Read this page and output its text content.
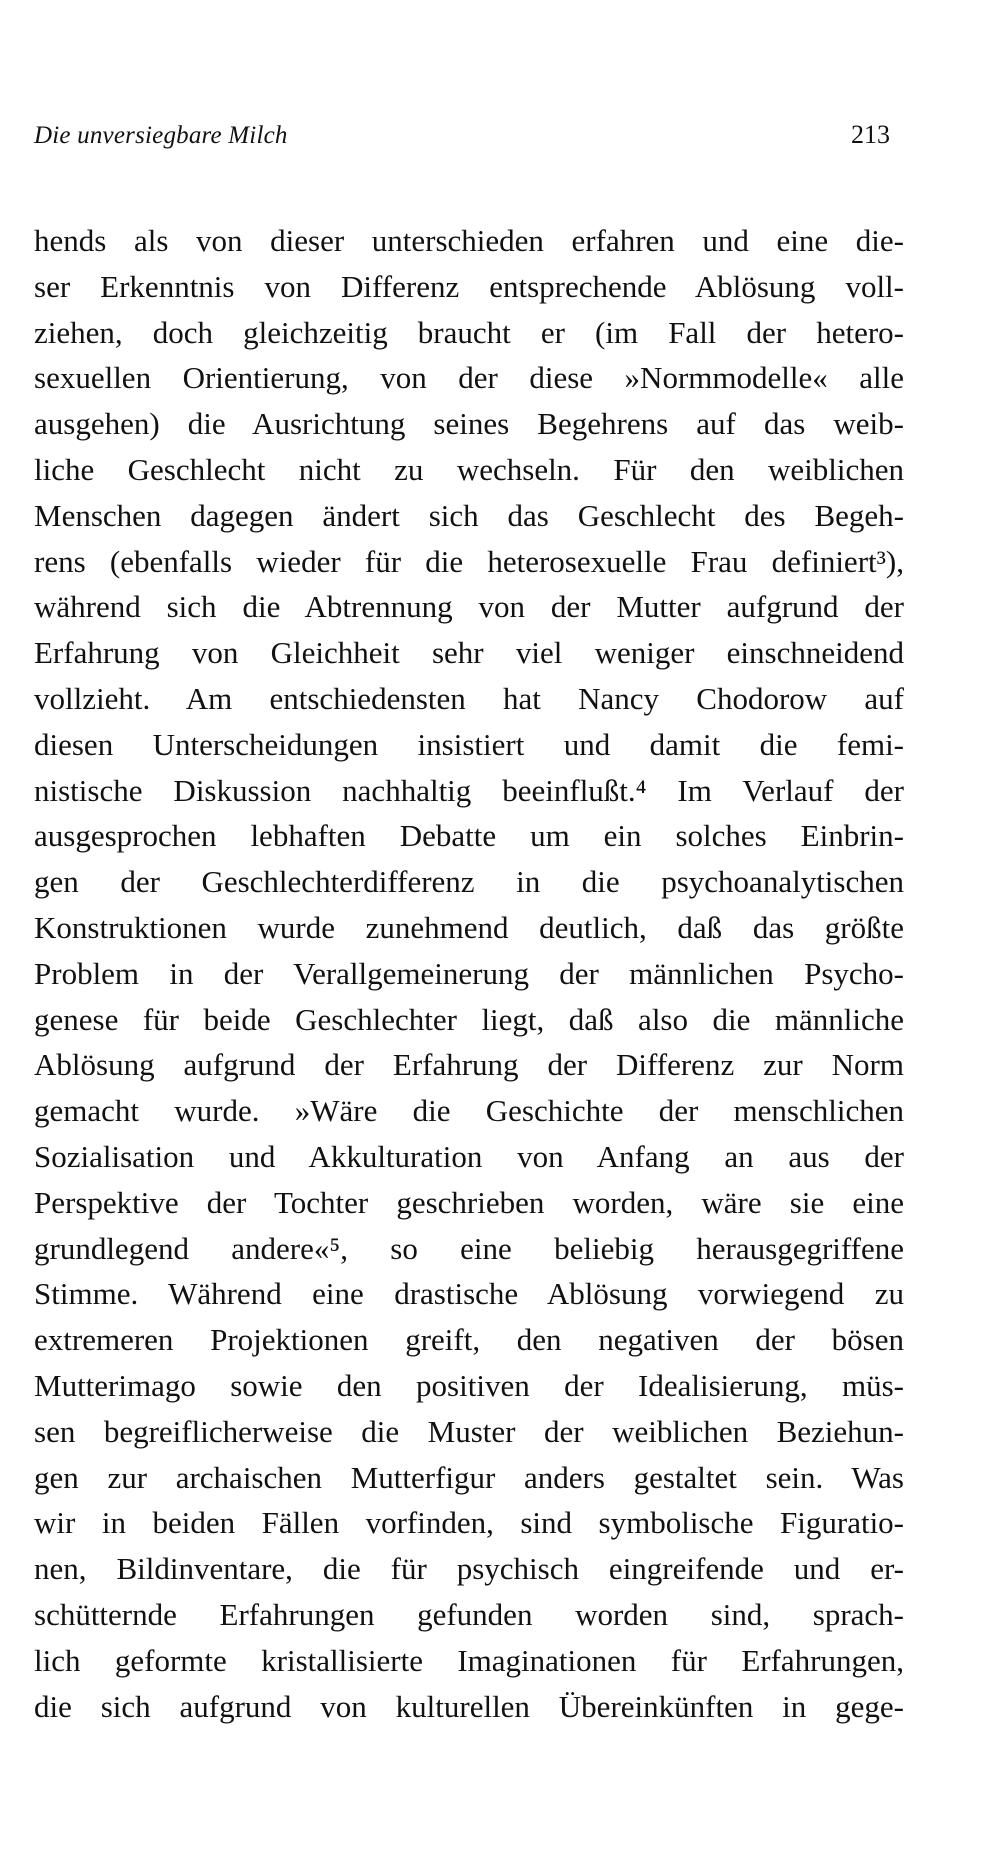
Die unversiegbare Milch	213
hends als von dieser unterschieden erfahren und eine die-
ser Erkenntnis von Differenz entsprechende Ablösung voll-
ziehen, doch gleichzeitig braucht er (im Fall der hetero-
sexuellen Orientierung, von der diese »Normmodelle« alle
ausgehen) die Ausrichtung seines Begehrens auf das weib-
liche Geschlecht nicht zu wechseln. Für den weiblichen
Menschen dagegen ändert sich das Geschlecht des Begeh-
rens (ebenfalls wieder für die heterosexuelle Frau definiert³),
während sich die Abtrennung von der Mutter aufgrund der
Erfahrung von Gleichheit sehr viel weniger einschneidend
vollzieht. Am entschiedensten hat Nancy Chodorow auf
diesen Unterscheidungen insistiert und damit die femi-
nistische Diskussion nachhaltig beeinflußt.⁴ Im Verlauf der
ausgesprochen lebhaften Debatte um ein solches Einbrin-
gen der Geschlechterdifferenz in die psychoanalytischen
Konstruktionen wurde zunehmend deutlich, daß das größte
Problem in der Verallgemeinerung der männlichen Psycho-
genese für beide Geschlechter liegt, daß also die männliche
Ablösung aufgrund der Erfahrung der Differenz zur Norm
gemacht wurde. »Wäre die Geschichte der menschlichen
Sozialisation und Akkulturation von Anfang an aus der
Perspektive der Tochter geschrieben worden, wäre sie eine
grundlegend andere«⁵, so eine beliebig herausgegriffene
Stimme. Während eine drastische Ablösung vorwiegend zu
extremeren Projektionen greift, den negativen der bösen
Mutterimago sowie den positiven der Idealisierung, müs-
sen begreiflicherweise die Muster der weiblichen Beziehun-
gen zur archaischen Mutterfigur anders gestaltet sein. Was
wir in beiden Fällen vorfinden, sind symbolische Figuratio-
nen, Bildinventare, die für psychisch eingreifende und er-
schütternde Erfahrungen gefunden worden sind, sprach-
lich geformte kristallisierte Imaginationen für Erfahrungen,
die sich aufgrund von kulturellen Übereinkünften in gege-
